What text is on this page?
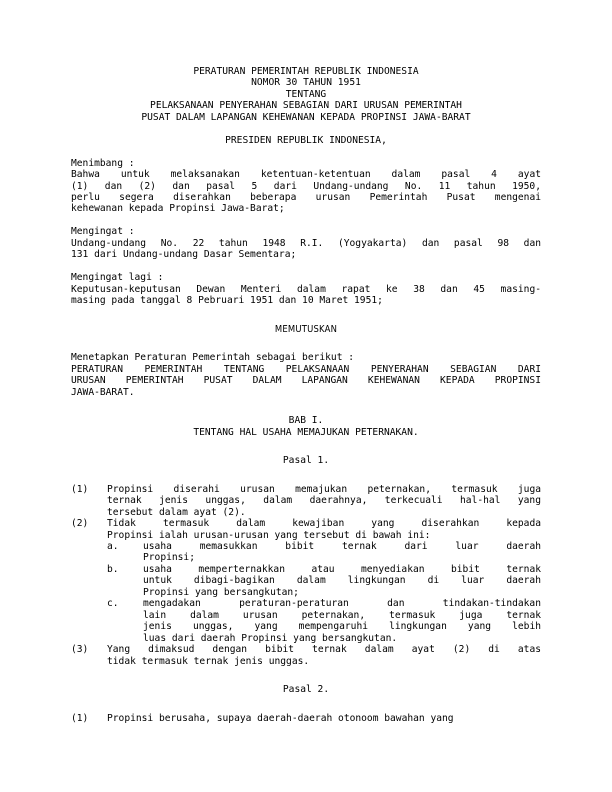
PERATURAN PEMERINTAH REPUBLIK INDONESIA
NOMOR 30 TAHUN 1951
TENTANG
PELAKSANAAN PENYERAHAN SEBAGIAN DARI URUSAN PEMERINTAH
PUSAT DALAM LAPANGAN KEHEWANAN KEPADA PROPINSI JAWA-BARAT
PRESIDEN REPUBLIK INDONESIA,
Menimbang :
Bahwa untuk melaksanakan ketentuan-ketentuan dalam pasal 4 ayat
(1) dan (2) dan pasal 5 dari Undang-undang No. 11 tahun 1950,
perlu segera diserahkan beberapa urusan Pemerintah Pusat mengenai
kehewanan kepada Propinsi Jawa-Barat;
Mengingat :
Undang-undang No. 22 tahun 1948 R.I. (Yogyakarta) dan pasal 98 dan
131 dari Undang-undang Dasar Sementara;
Mengingat lagi :
Keputusan-keputusan Dewan Menteri dalam rapat ke 38 dan 45 masing-
masing pada tanggal 8 Pebruari 1951 dan 10 Maret 1951;
MEMUTUSKAN
Menetapkan Peraturan Pemerintah sebagai berikut :
PERATURAN PEMERINTAH TENTANG PELAKSANAAN PENYERAHAN SEBAGIAN DARI
URUSAN PEMERINTAH PUSAT DALAM LAPANGAN KEHEWANAN KEPADA PROPINSI
JAWA-BARAT.
BAB I.
TENTANG HAL USAHA MEMAJUKAN PETERNAKAN.
Pasal 1.
(1)	Propinsi diserahi urusan memajukan peternakan, termasuk juga
ternak jenis unggas, dalam daerahnya, terkecuali hal-hal yang
tersebut dalam ayat (2).
(2)	Tidak termasuk dalam kewajiban yang diserahkan kepada
Propinsi ialah urusan-urusan yang tersebut di bawah ini:
a.	usaha memasukkan bibit ternak dari luar daerah
Propinsi;
b.	usaha memperternakkan atau menyediakan bibit ternak
untuk dibagi-bagikan dalam lingkungan di luar daerah
Propinsi yang bersangkutan;
c.	mengadakan peraturan-peraturan dan tindakan-tindakan
lain dalam urusan peternakan, termasuk juga ternak
jenis unggas, yang mempengaruhi lingkungan yang lebih
luas dari daerah Propinsi yang bersangkutan.
(3)	Yang dimaksud dengan bibit ternak dalam ayat (2) di atas
tidak termasuk ternak jenis unggas.
Pasal 2.
(1)	Propinsi berusaha, supaya daerah-daerah otonoom bawahan yang
